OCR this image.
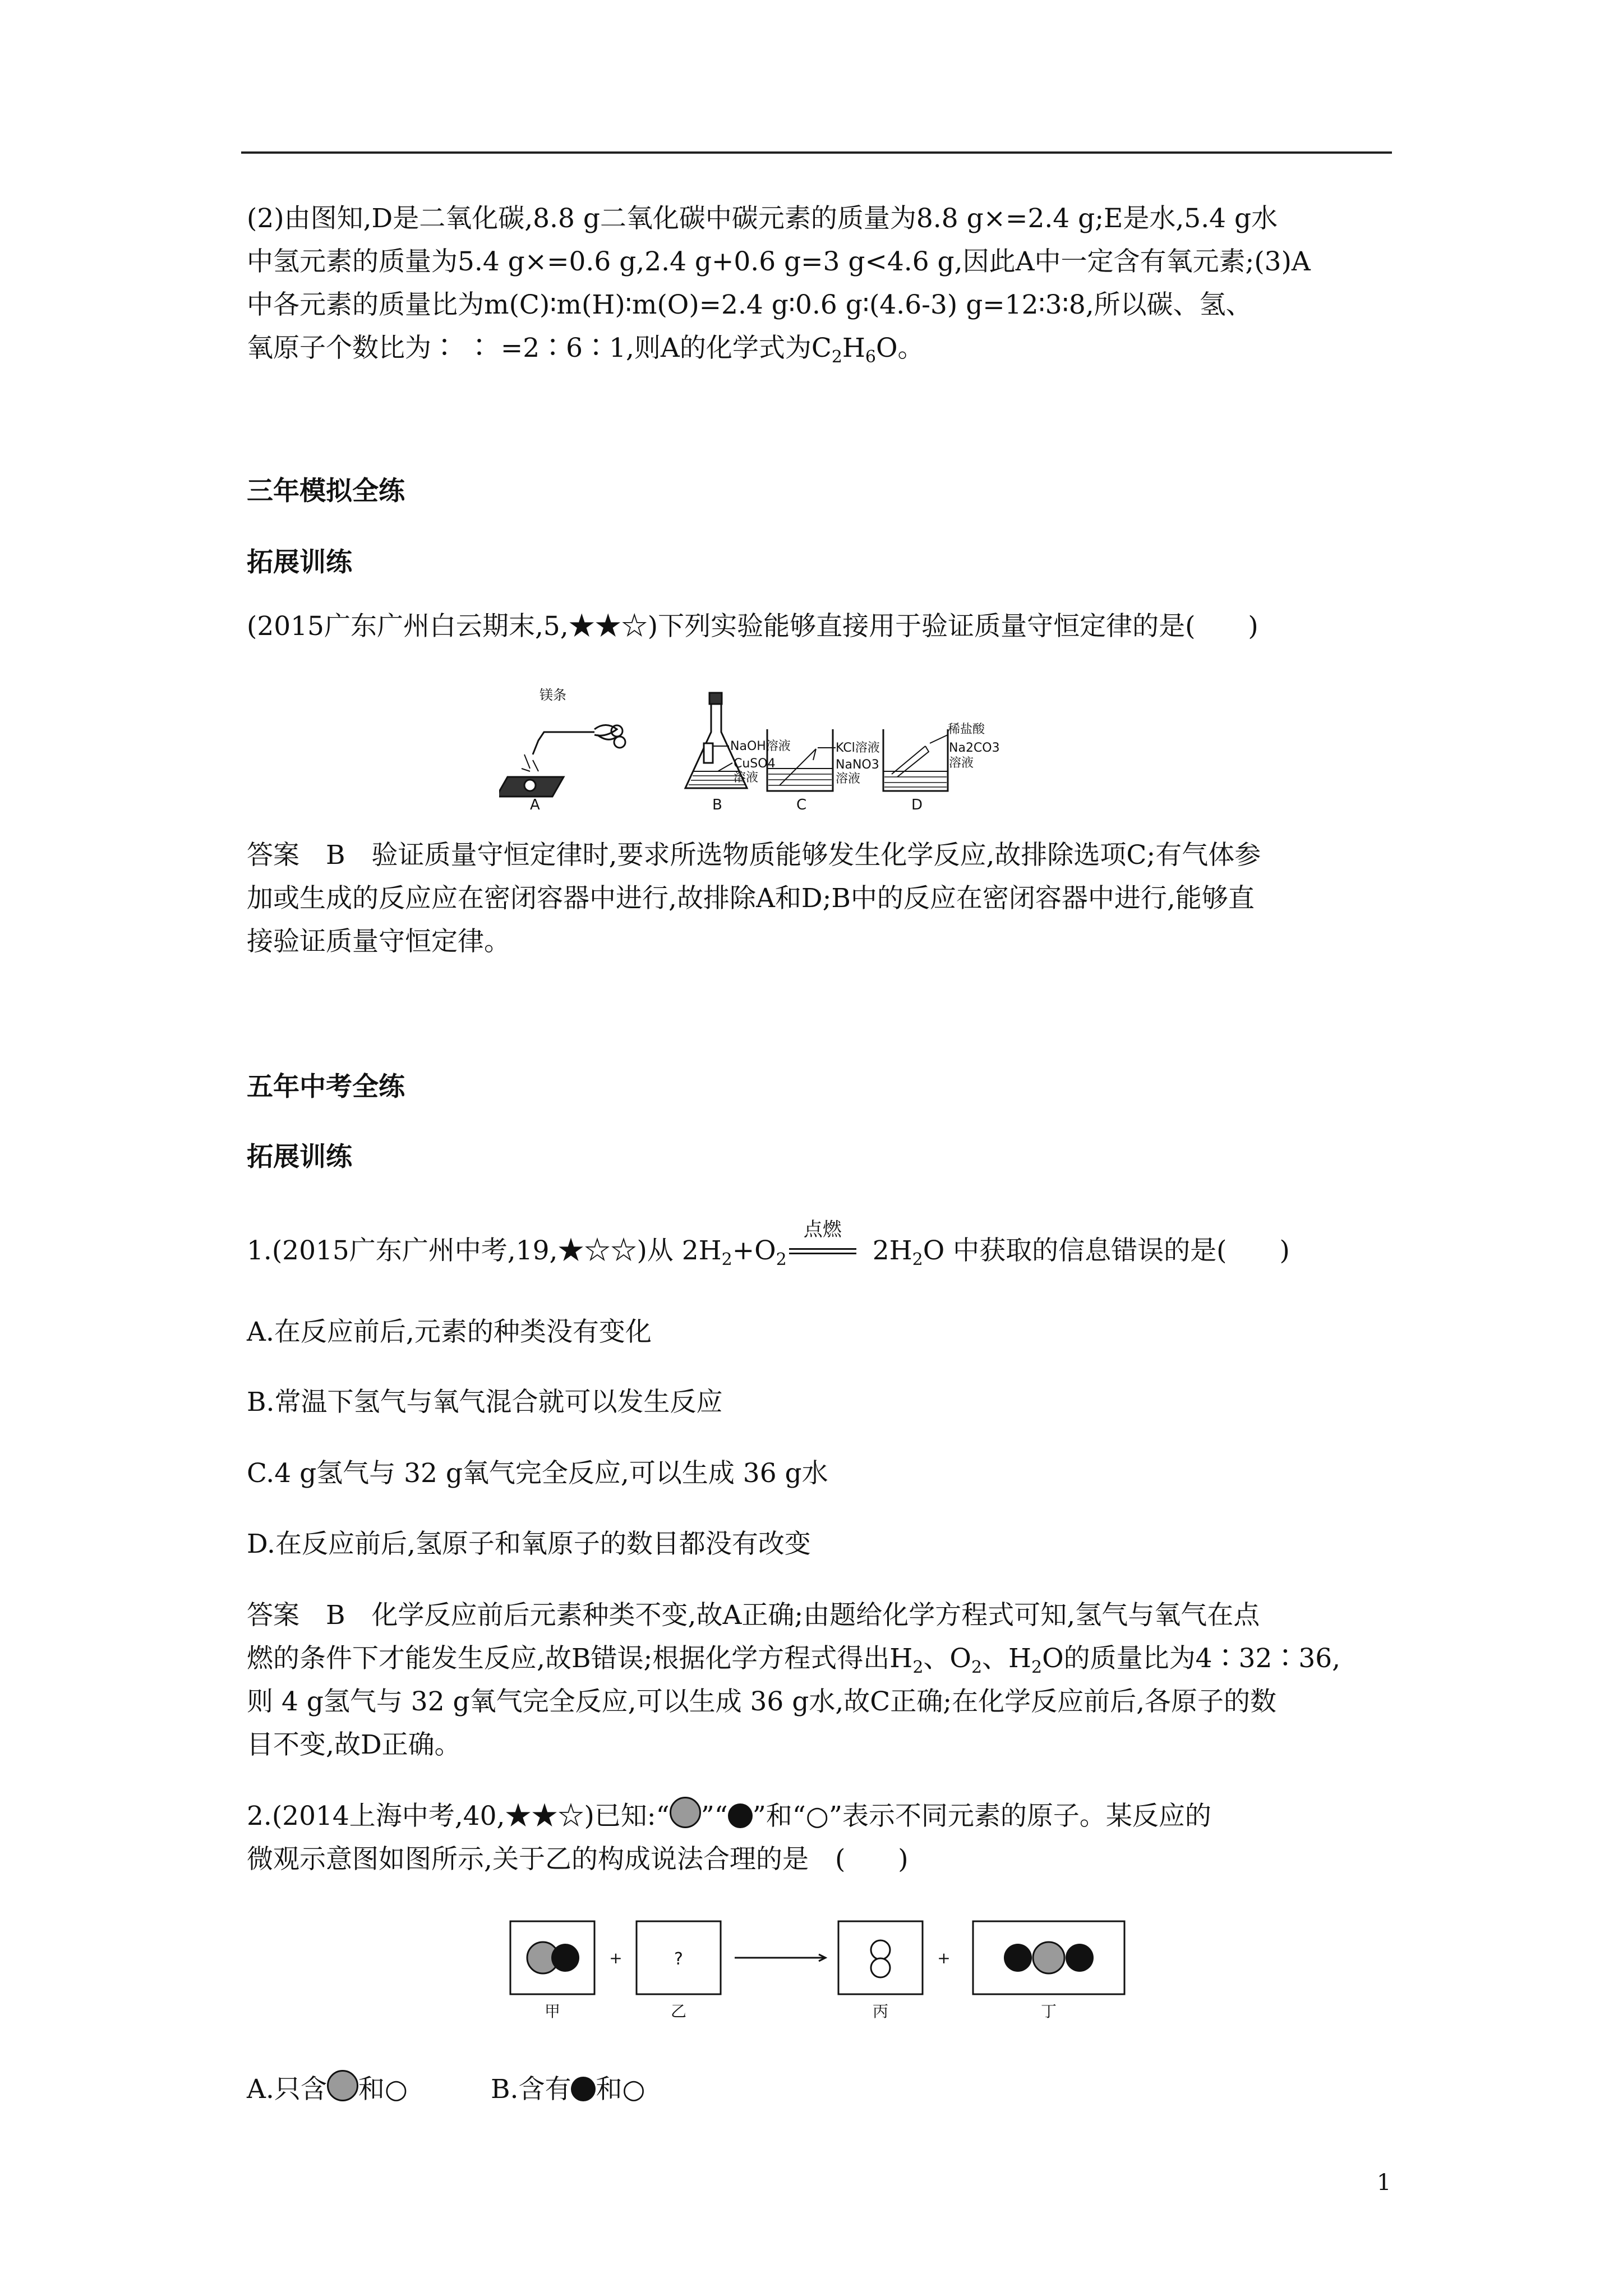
(2)由图知,D是二氧化碳,8.8 g二氧化碳中碳元素的质量为8.8 g×=2.4 g;E是水,5.4 g水
中氢元素的质量为5.4 g×=0.6 g,2.4 g+0.6 g=3 g<4.6 g,因此A中一定含有氧元素;(3)A
中各元素的质量比为m(C)∶m(H)∶m(O)=2.4 g∶0.6 g∶(4.6-3) g=12∶3∶8,所以碳、氢、
氧原子个数比为∶ ∶ =2∶6∶1,则A的化学式为$C_2H_6O$。
三年模拟全练
拓展训练
(2015广东广州白云期末,5,★★☆)下列实验能够直接用于验证质量守恒定律的是(　　)
A
镁条
B
NaOH溶液
CuSO4
溶液
C
KCl溶液
NaNO3
溶液
D
稀盐酸
Na2CO3
溶液
答案　B　验证质量守恒定律时,要求所选物质能够发生化学反应,故排除选项C;有气体参
加或生成的反应应在密闭容器中进行,故排除A和D;B中的反应在密闭容器中进行,能够直
接验证质量守恒定律。
五年中考全练
拓展训练
1.(2015广东广州中考,19,★☆☆)从 $2H_2+O_2$
点燃
$2H_2O$ 中获取的信息错误的是(　　)
A.在反应前后,元素的种类没有变化
B.常温下氢气与氧气混合就可以发生反应
C.4 g氢气与 32 g氧气完全反应,可以生成 36 g水
D.在反应前后,氢原子和氧原子的数目都没有改变
答案　B　化学反应前后元素种类不变,故A正确;由题给化学方程式可知,氢气与氧气在点
燃的条件下才能发生反应,故B错误;根据化学方程式得出$H_2$、$O_2$、$H_2O$的质量比为4∶32∶36,
则 4 g氢气与 32 g氧气完全反应,可以生成 36 g水,故C正确;在化学反应前后,各原子的数
目不变,故D正确。
2.(2014上海中考,40,★★☆)已知:“ ”“ ”和“○”表示不同元素的原子。某反应的
微观示意图如图所示,关于乙的构成说法合理的是　(　　)
+	+
?
甲	乙	丙	丁
A.只含 和○	B.含有 和○
1
